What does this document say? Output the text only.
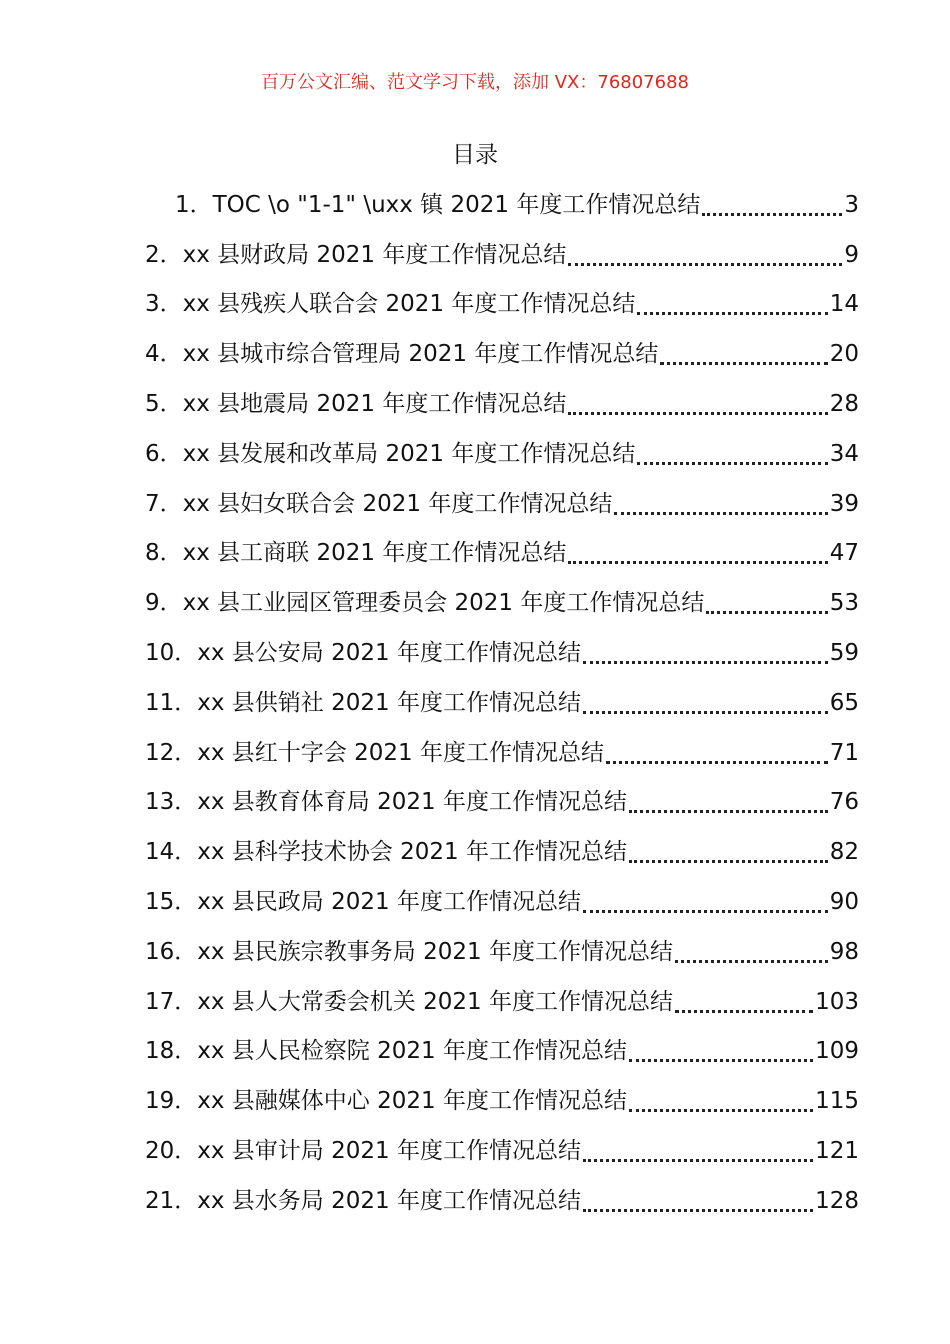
百万公文汇编、范文学习下载，添加 VX：76807688
目录
1．TOC \o "1-1" \uxx 镇 2021 年度工作情况总结	3
2．xx 县财政局 2021 年度工作情况总结	9
3．xx 县残疾人联合会 2021 年度工作情况总结	14
4．xx 县城市综合管理局 2021 年度工作情况总结	20
5．xx 县地震局 2021 年度工作情况总结	28
6．xx 县发展和改革局 2021 年度工作情况总结	34
7．xx 县妇女联合会 2021 年度工作情况总结	39
8．xx 县工商联 2021 年度工作情况总结	47
9．xx 县工业园区管理委员会 2021 年度工作情况总结	53
10．xx 县公安局 2021 年度工作情况总结	59
11．xx 县供销社 2021 年度工作情况总结	65
12．xx 县红十字会 2021 年度工作情况总结	71
13．xx 县教育体育局 2021 年度工作情况总结	76
14．xx 县科学技术协会 2021 年工作情况总结	82
15．xx 县民政局 2021 年度工作情况总结	90
16．xx 县民族宗教事务局 2021 年度工作情况总结	98
17．xx 县人大常委会机关 2021 年度工作情况总结	103
18．xx 县人民检察院 2021 年度工作情况总结	109
19．xx 县融媒体中心 2021 年度工作情况总结	115
20．xx 县审计局 2021 年度工作情况总结	121
21．xx 县水务局 2021 年度工作情况总结	128
